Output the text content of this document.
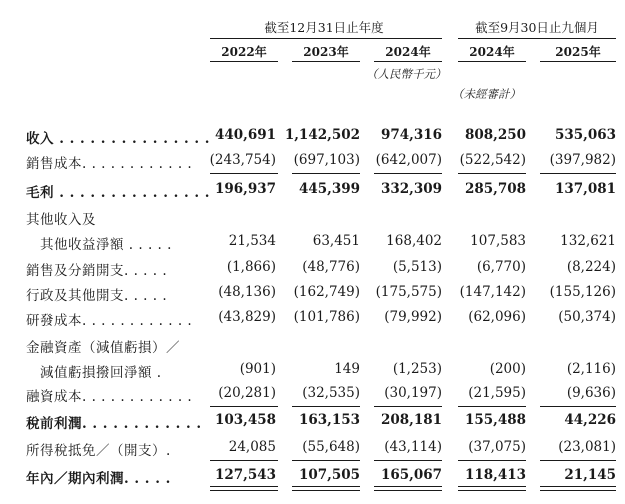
截至12月31日止年度	截至9月30日止九個月
2022年	2023年	2024年	2024年	2025年
（人民幣千元）
（未經審計）
收入 . . . . . . . . . . . . . . . 440,691 1,142,502	974,316	808,250	535,063
銷售成本. . . . . . . . . . . .	(243,754)	(697,103)	(642,007)	(522,542)	(397,982)
毛利 . . . . . . . . . . . . . . . 196,937	445,399	332,309	285,708	137,081
其他收入及
　其他收益淨額 . . . . .	21,534	63,451	168,402	107,583	132,621
銷售及分銷開支. . . . .	(1,866)	(48,776)	(5,513)	(6,770)	(8,224)
行政及其他開支. . . . .	(48,136)	(162,749)	(175,575)	(147,142)	(155,126)
研發成本. . . . . . . . . . . .	(43,829)	(101,786)	(79,992)	(62,096)	(50,374)
金融資產（減值虧損）／
　減值虧損撥回淨額 .	(901)	149	(1,253)	(200)	(2,116)
融資成本. . . . . . . . . . . .	(20,281)	(32,535)	(30,197)	(21,595)	(9,636)
稅前利潤. . . . . . . . . . . . 103,458	163,153	208,181	155,488	44,226
所得稅抵免／（開支）.	24,085	(55,648)	(43,114)	(37,075)	(23,081)
年內／期內利潤. . . . .	127,543	107,505	165,067	118,413	21,145
